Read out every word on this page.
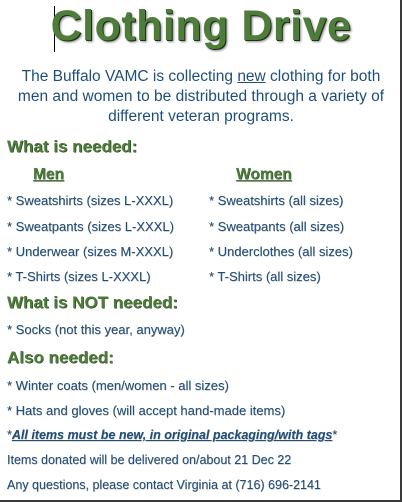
Clothing Drive
The Buffalo VAMC is collecting new clothing for both men and women to be distributed through a variety of different veteran programs.
What is needed:
Men	Women
* Sweatshirts (sizes L-XXXL)
* Sweatpants (sizes L-XXXL)
* Underwear (sizes M-XXXL)
* T-Shirts (sizes L-XXXL)
* Sweatshirts (all sizes)
* Sweatpants (all sizes)
* Underclothes (all sizes)
* T-Shirts (all sizes)
What is NOT needed:
* Socks (not this year, anyway)
Also needed:
* Winter coats (men/women - all sizes)
* Hats and gloves (will accept hand-made items)
*All items must be new, in original packaging/with tags*
Items donated will be delivered on/about 21 Dec 22
Any questions, please contact Virginia at (716) 696-2141
